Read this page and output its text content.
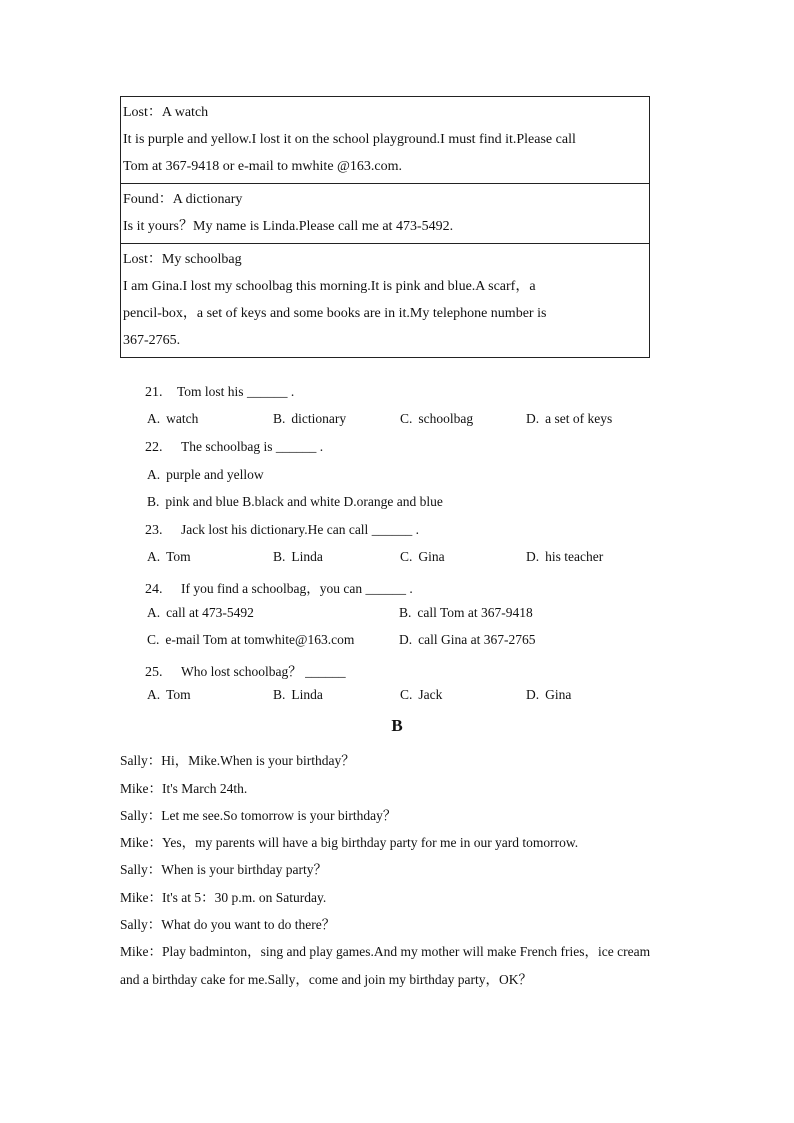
Lost：A watch

It is purple and yellow.I lost it on the school playground.I must find it.Please call

Tom at 367-9418 or e-mail to mwhite @163.com.

Found：A dictionary

Is it yours？My name is Linda.Please call me at 473-5492.

Lost：My schoolbag

I am Gina.I lost my schoolbag this morning.It is pink and blue.A scarf，a

pencil-box，a set of keys and some books are in it.My telephone number is

367-2765.

21. Tom lost his ______ .
A. watch	B. dictionary	C. schoolbag	D. a set of keys
22. The schoolbag is ______ .
A. purple and yellow
B. pink and blue B.black and white D.orange and blue
23. Jack lost his dictionary.He can call ______ .
A. Tom	B. Linda	C. Gina	D. his teacher
24. If you find a schoolbag，you can ______ .
A. call at 473-5492	B. call Tom at 367-9418
C. e-mail Tom at tomwhite@163.com	D. call Gina at 367-2765
25. Who lost schoolbag？ ______
A. Tom	B. Linda	C. Jack	D. Gina
B
Sally：Hi，Mike.When is your birthday？
Mike：It's March 24th.
Sally：Let me see.So tomorrow is your birthday？
Mike：Yes，my parents will have a big birthday party for me in our yard tomorrow.
Sally：When is your birthday party？
Mike：It's at 5：30 p.m. on Saturday.
Sally：What do you want to do there？
Mike：Play badminton，sing and play games.And my mother will make French fries，ice cream
and a birthday cake for me.Sally，come and join my birthday party，OK？
